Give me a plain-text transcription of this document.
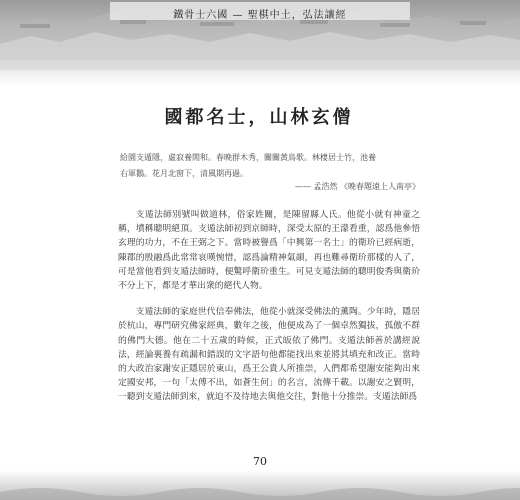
鐵骨士六國 — 聖棋中土，弘法讓經
國都名士，山林玄僧
給園支遁隱，虛寂養閒和。春晚群木秀，關關黃鳥歌。林棲居士竹，池養
右軍鵝。花月北窗下，清風期再過。
—— 孟浩然 《晚春題遠上人南亭》

支遁法師別號叫做道林，俗家姓關，是陳留縣人氏。他從小就有神童之稱，墳稱聰明絕頂。支遁法師初到京師時，深受太原的王濛看重，認爲他參悟玄理的功力，不在王弼之下。當時被譽爲「中興第一名士」的衛玠已經病逝，陳郡的殷融爲此常常哀嘆惋惜，認爲論精神氣韻，再也難尋衛玠那樣的人了，可是當他看到支遁法師時，便驚呼衛玠重生。可見支遁法師的聰明俊秀與衛玠不分上下，都是才華出衆的絕代人物。

支遁法師的家庭世代信奉佛法，他從小就深受佛法的薰陶。少年時，隱居於杭山，專門研究佛家經典，數年之後，他便成為了一個卓然獨拔，孤傲不群的佛門大德。他在二十五歲的時候，正式皈依了佛門。支遁法師善於講經說法，經論裏養有疏漏和錯誤的文字語句他都能找出來並將其填充和改正。當時的大政治家謝安正隱居於東山，爲王公貴人所推崇，人們都希望謝安能夠出來定國安邦，一句「太傅不出，如蒼生何」的名言，流傳千載。以謝安之賢明，一聽到支遁法師到來，就迫不及待地去與他交往，對他十分推崇。支遁法師爲

70
